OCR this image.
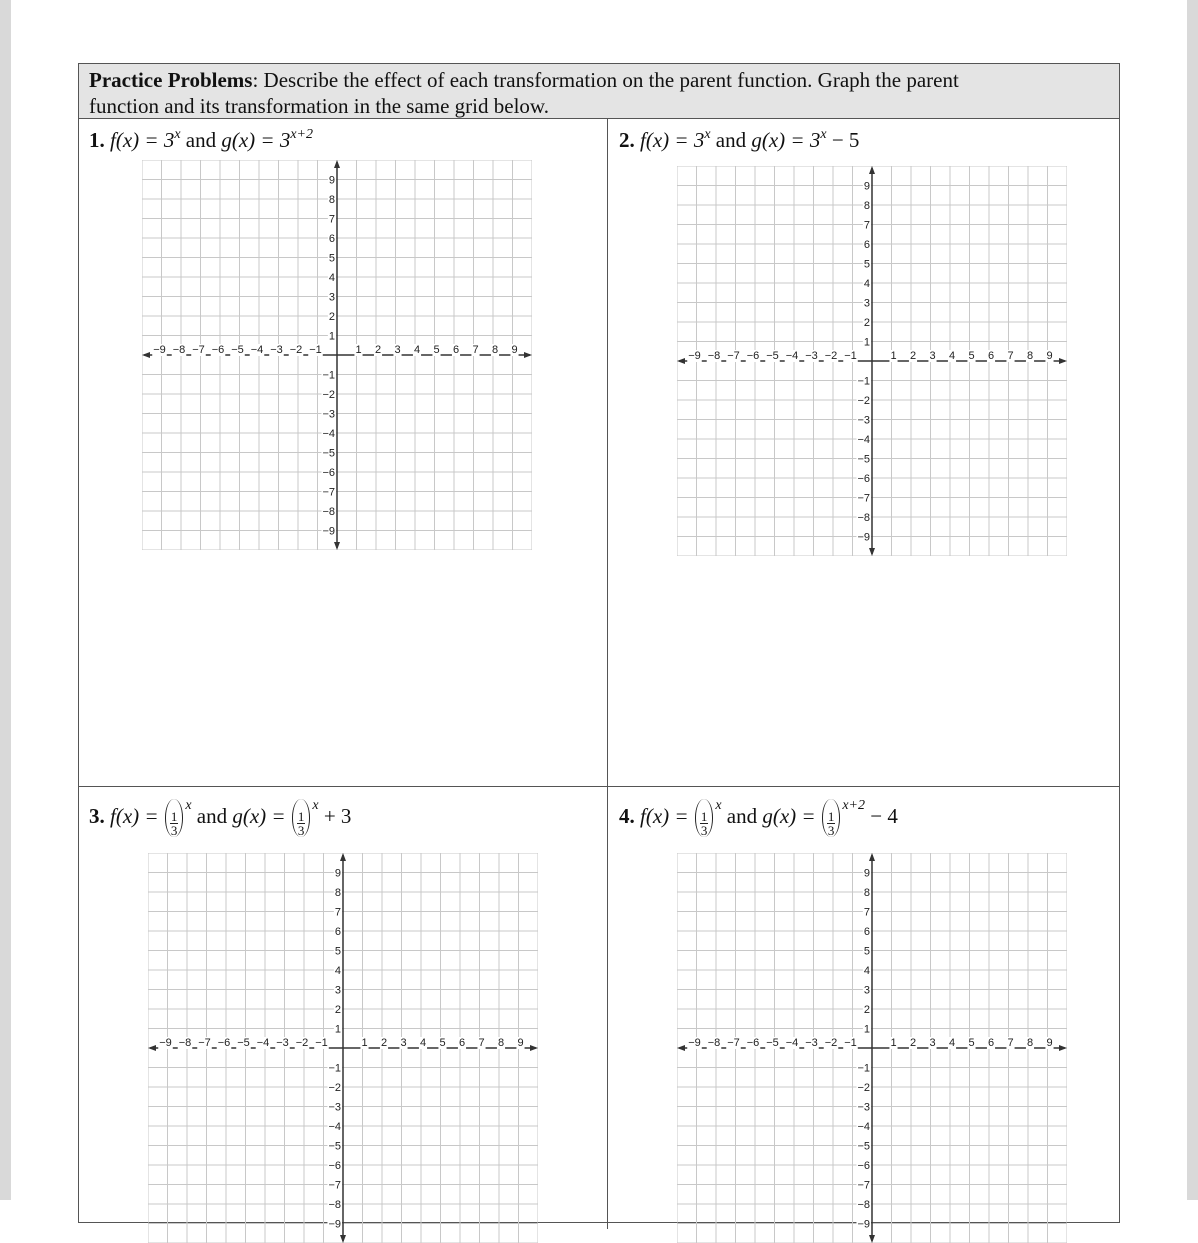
Practice Problems: Describe the effect of each transformation on the parent function. Graph the parent
function and its transformation in the same grid below.
1. $f(x) = 3^x$ and $g(x) = 3^{x+2}$	2. $f(x) = 3^x$ and $g(x) = 3^x - 5$
3. $f(x) = \frac{1}{3}$
$^x$ and $g(x) = \frac{1}{3}$
$^x$ + 3	4. $f(x) = \frac{1}{3}$
$^x$ and $g(x) = \frac{1}{3}$
$^{x+2}$ − 4
−9 −8 −7 −6 −5 −4 −3 −2 −1	1 2 3 4 5 6 7 8 9
9
8
7
6
5
4
3
2
1
−1
−2
−3
−4
−5
−6
−7
−8
−9
−9 −8 −7 −6 −5 −4 −3 −2 −1	1 2 3 4 5 6 7 8 9
9
8
7
6
5
4
3
2
1
−1
−2
−3
−4
−5
−6
−7
−8
−9
−9 −8 −7 −6 −5 −4 −3 −2 −1	1 2 3 4 5 6 7 8 9
9
8
7
6
5
4
3
2
1
−1
−2
−3
−4
−5
−6
−7
−8
−9
−9 −8 −7 −6 −5 −4 −3 −2 −1	1 2 3 4 5 6 7 8 9
9
8
7
6
5
4
3
2
1
−1
−2
−3
−4
−5
−6
−7
−8
−9
